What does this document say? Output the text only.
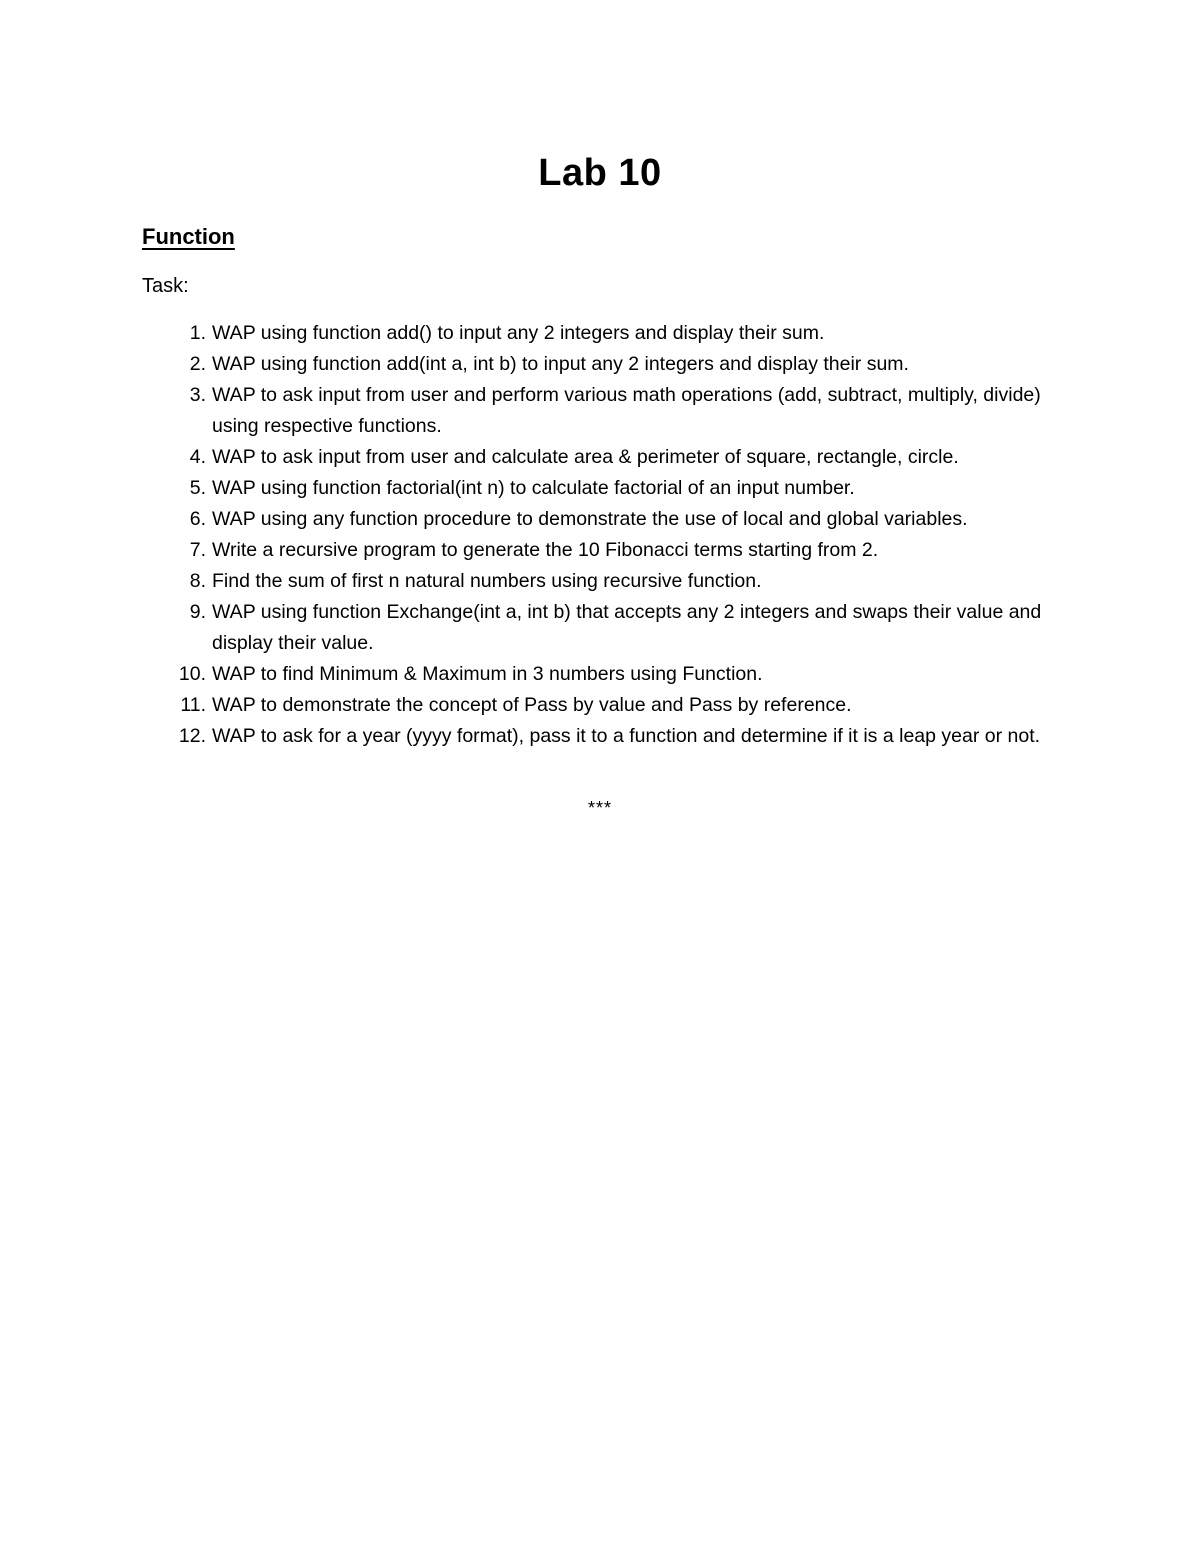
Lab 10
Function
Task:
1. WAP using function add() to input any 2 integers and display their sum.
2. WAP using function add(int a, int b) to input any 2 integers and display their sum.
3. WAP to ask input from user and perform various math operations (add, subtract, multiply, divide) using respective functions.
4. WAP to ask input from user and calculate area & perimeter of square, rectangle, circle.
5. WAP using function factorial(int n) to calculate factorial of an input number.
6. WAP using any function procedure to demonstrate the use of local and global variables.
7. Write a recursive program to generate the 10 Fibonacci terms starting from 2.
8. Find the sum of first n natural numbers using recursive function.
9. WAP using function Exchange(int a, int b) that accepts any 2 integers and swaps their value and display their value.
10. WAP to find Minimum & Maximum in 3 numbers using Function.
11. WAP to demonstrate the concept of Pass by value and Pass by reference.
12. WAP to ask for a year (yyyy format), pass it to a function and determine if it is a leap year or not.
***
